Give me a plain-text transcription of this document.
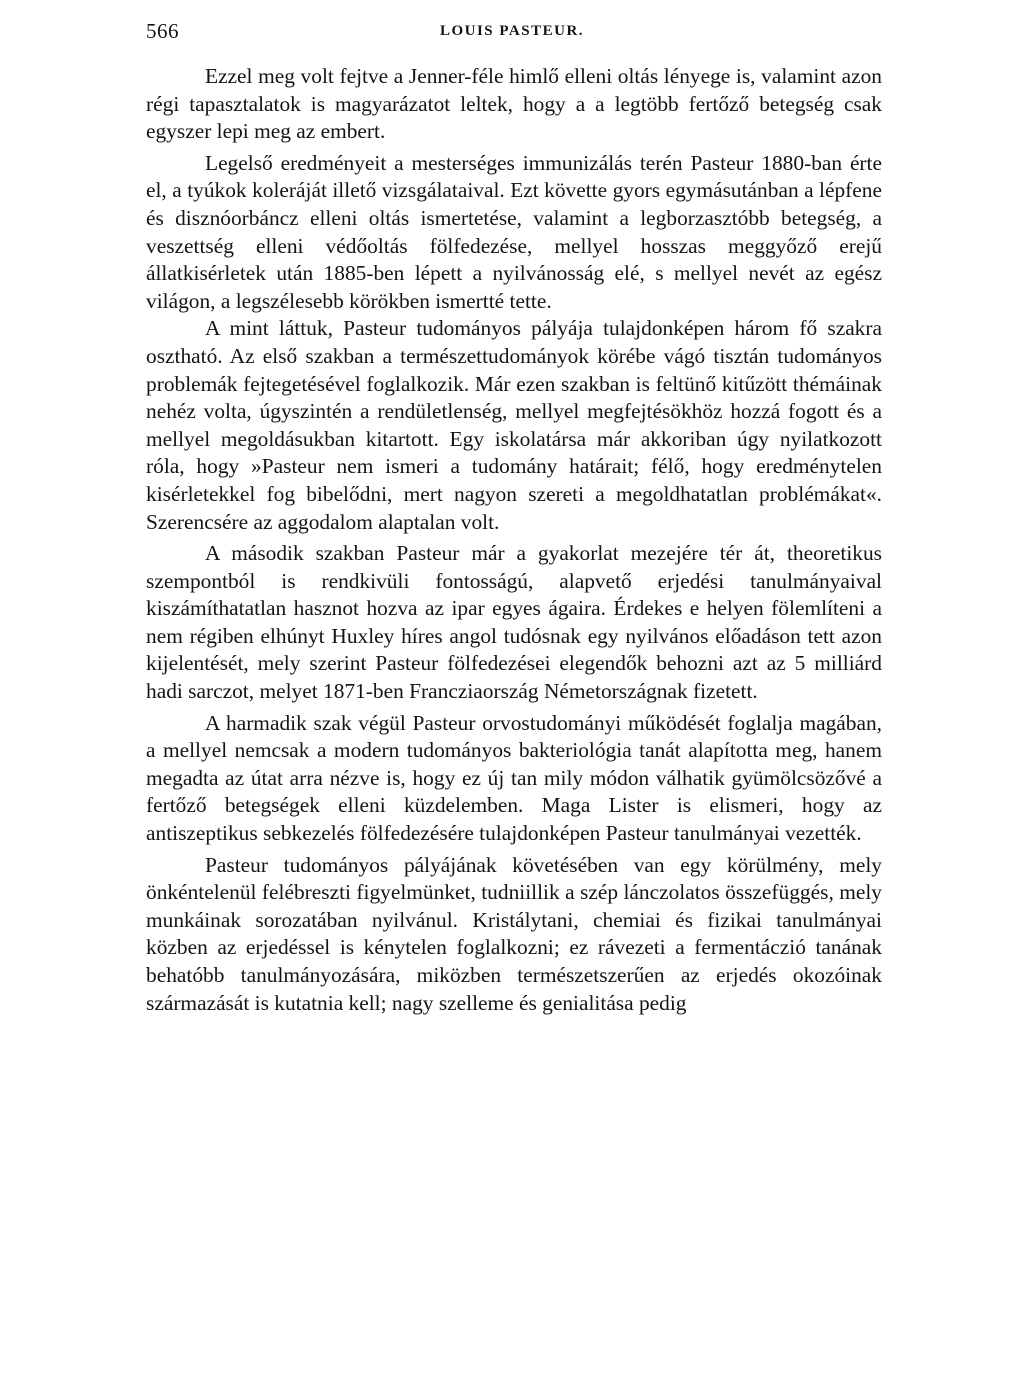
566	LOUIS PASTEUR.

Ezzel meg volt fejtve a Jenner-féle himlő elleni oltás lényege is, valamint azon régi tapasztalatok is magyarázatot leltek, hogy a a legtöbb fertőző betegség csak egyszer lepi meg az embert.

Legelső eredményeit a mesterséges immunizálás terén Pasteur 1880-ban érte el, a tyúkok koleráját illető vizsgálataival. Ezt követte gyors egymásutánban a lépfene és disznóorbáncz elleni oltás ismertetése, valamint a legborzasztóbb betegség, a veszettség elleni védőoltás fölfedezése, mellyel hosszas meggyőző erejű állatkisérletek után 1885-ben lépett a nyilvánosság elé, s mellyel nevét az egész világon, a legszélesebb körökben ismertté tette.

A mint láttuk, Pasteur tudományos pályája tulajdonképen három fő szakra osztható. Az első szakban a természettudományok körébe vágó tisztán tudományos problemák fejtegetésével foglalkozik. Már ezen szakban is feltünő kitűzött thémáinak nehéz volta, úgyszintén a rendületlenség, mellyel megfejtésökhöz hozzá fogott és a mellyel megoldásukban kitartott. Egy iskolatársa már akkoriban úgy nyilatkozott róla, hogy »Pasteur nem ismeri a tudomány határait; félő, hogy eredménytelen kisérletekkel fog bibelődni, mert nagyon szereti a megoldhatatlan problémákat«. Szerencsére az aggodalom alaptalan volt.

A második szakban Pasteur már a gyakorlat mezejére tér át, theoretikus szempontból is rendkivüli fontosságú, alapvető erjedési tanulmányaival kiszámíthatatlan hasznot hozva az ipar egyes ágaira. Érdekes e helyen fölemlíteni a nem régiben elhúnyt Huxley híres angol tudósnak egy nyilvános előadáson tett azon kijelentését, mely szerint Pasteur fölfedezései elegendők behozni azt az 5 milliárd hadi sarczot, melyet 1871-ben Francziaország Németországnak fizetett.

A harmadik szak végül Pasteur orvostudományi működését foglalja magában, a mellyel nemcsak a modern tudományos bakteriológia tanát alapította meg, hanem megadta az útat arra nézve is, hogy ez új tan mily módon válhatik gyümölcsözővé a fertőző betegségek elleni küzdelemben. Maga Lister is elismeri, hogy az antiszeptikus sebkezelés fölfedezésére tulajdonképen Pasteur tanulmányai vezették.

Pasteur tudományos pályájának követésében van egy körülmény, mely önkéntelenül felébreszti figyelmünket, tudniillik a szép lánczolatos összefüggés, mely munkáinak sorozatában nyilvánul. Kristálytani, chemiai és fizikai tanulmányai közben az erjedéssel is kénytelen foglalkozni; ez rávezeti a fermentáczió tanának behatóbb tanulmányozására, miközben természetszerűen az erjedés okozóinak származását is kutatnia kell; nagy szelleme és genialitása pedig
